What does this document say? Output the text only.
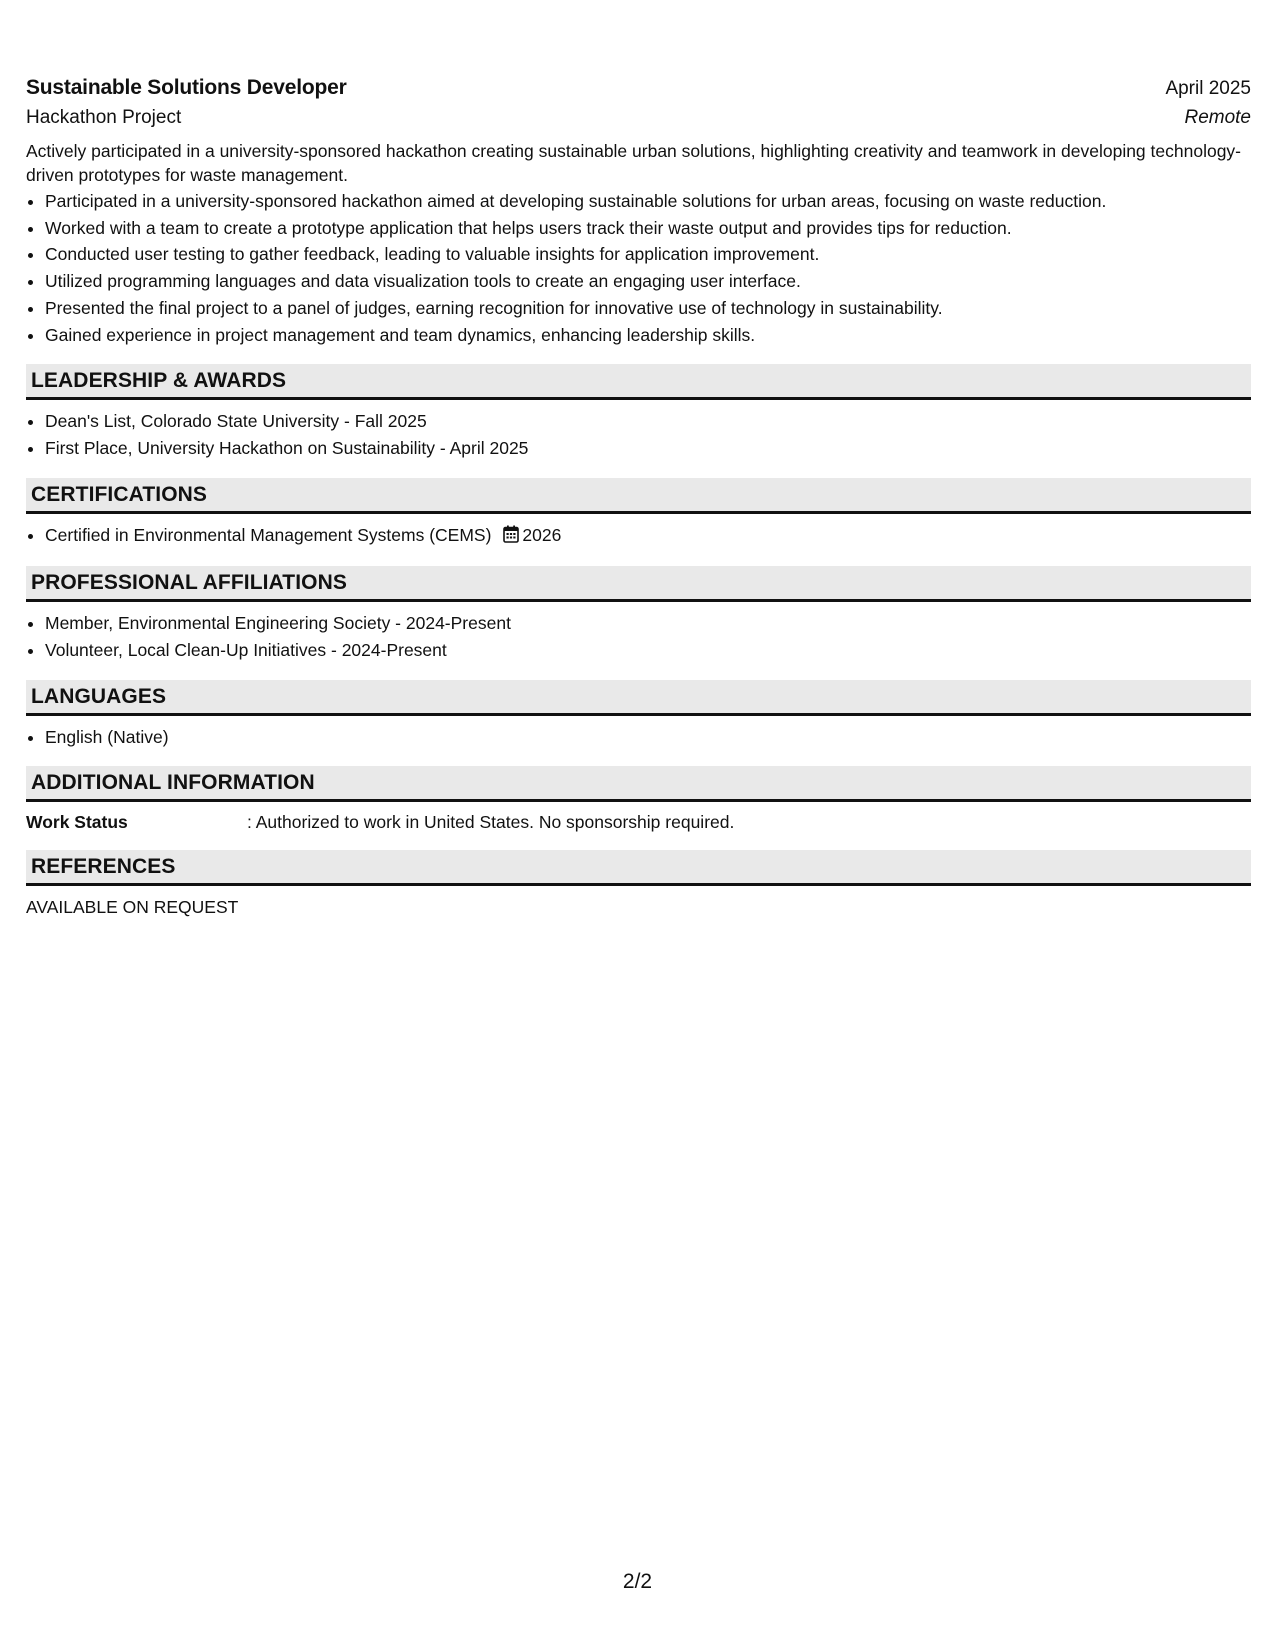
Sustainable Solutions Developer	April 2025
Hackathon Project	Remote
Actively participated in a university-sponsored hackathon creating sustainable urban solutions, highlighting creativity and teamwork in developing technology-driven prototypes for waste management.
• Participated in a university-sponsored hackathon aimed at developing sustainable solutions for urban areas, focusing on waste reduction.
• Worked with a team to create a prototype application that helps users track their waste output and provides tips for reduction.
• Conducted user testing to gather feedback, leading to valuable insights for application improvement.
• Utilized programming languages and data visualization tools to create an engaging user interface.
• Presented the final project to a panel of judges, earning recognition for innovative use of technology in sustainability.
• Gained experience in project management and team dynamics, enhancing leadership skills.
LEADERSHIP & AWARDS
• Dean's List, Colorado State University - Fall 2025
• First Place, University Hackathon on Sustainability - April 2025
CERTIFICATIONS
• Certified in Environmental Management Systems (CEMS) 2026
PROFESSIONAL AFFILIATIONS
• Member, Environmental Engineering Society - 2024-Present
• Volunteer, Local Clean-Up Initiatives - 2024-Present
LANGUAGES
• English (Native)
ADDITIONAL INFORMATION
Work Status	: Authorized to work in United States. No sponsorship required.
REFERENCES
AVAILABLE ON REQUEST
2/2
